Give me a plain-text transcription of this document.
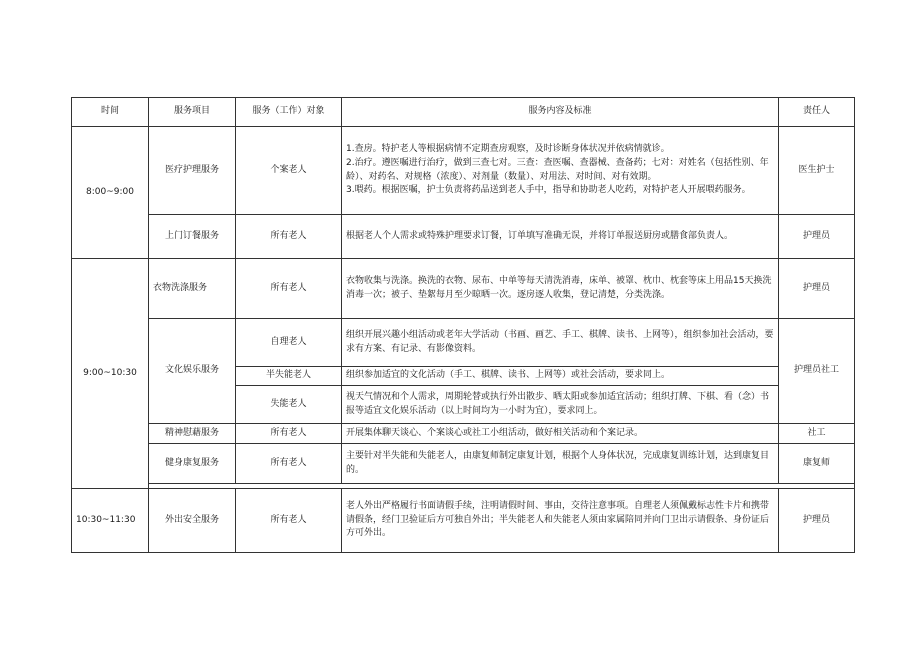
时间	服务项目	服务（工作）对象	服务内容及标准	责任人
8:00~9:00	医疗护理服务	个案老人	1.查房。特护老人等根据病情不定期查房观察，及时诊断身体状况并依病情就诊。
2.治疗。遵医嘱进行治疗，做到三查七对。三查：查医嘱、查器械、查备药；七对：对姓名（包括性别、年龄）、对药名、对规格（浓度）、对剂量（数量）、对用法、对时间、对有效期。
3.喂药。根据医嘱，护士负责将药品送到老人手中，指导和协助老人吃药，对特护老人开展喂药服务。	医生护士
	上门订餐服务	所有老人	根据老人个人需求或特殊护理要求订餐，订单填写准确无误，并将订单报送厨房或膳食部负责人。	护理员
9:00~10:30	衣物洗涤服务	所有老人	衣物收集与洗涤。换洗的衣物、尿布、中单等每天清洗消毒，床单、被罩、枕巾、枕套等床上用品15天换洗消毒一次；被子、垫絮每月至少晾晒一次。逐房逐人收集，登记清楚，分类洗涤。	护理员
	文化娱乐服务	自理老人	组织开展兴趣小组活动或老年大学活动（书画、画艺、手工、棋牌、读书、上网等），组织参加社会活动，要求有方案、有记录、有影像资料。	护理员社工
		半失能老人	组织参加适宜的文化活动（手工、棋牌、读书、上网等）或社会活动，要求同上。	

		失能老人	视天气情况和个人需求，周期轮替或执行外出散步、晒太阳或参加适宜活动；组织打牌、下棋、看（念）书报等适宜文化娱乐活动（以上时间均为一小时为宜），要求同上。	

	精神慰藉服务	所有老人	开展集体聊天谈心、个案谈心或社工小组活动，做好相关活动和个案记录。	社工
	健身康复服务	所有老人	主要针对半失能和失能老人，由康复师制定康复计划，根据个人身体状况，完成康复训练计划，达到康复目的。	康复师

10:30~11:30	外出安全服务	所有老人	老人外出严格履行书面请假手续，注明请假时间、事由，交待注意事项。自理老人须佩戴标志性卡片和携带请假条，经门卫验证后方可独自外出；半失能老人和失能老人须由家属陪同并向门卫出示请假条、身份证后方可外出。	护理员
